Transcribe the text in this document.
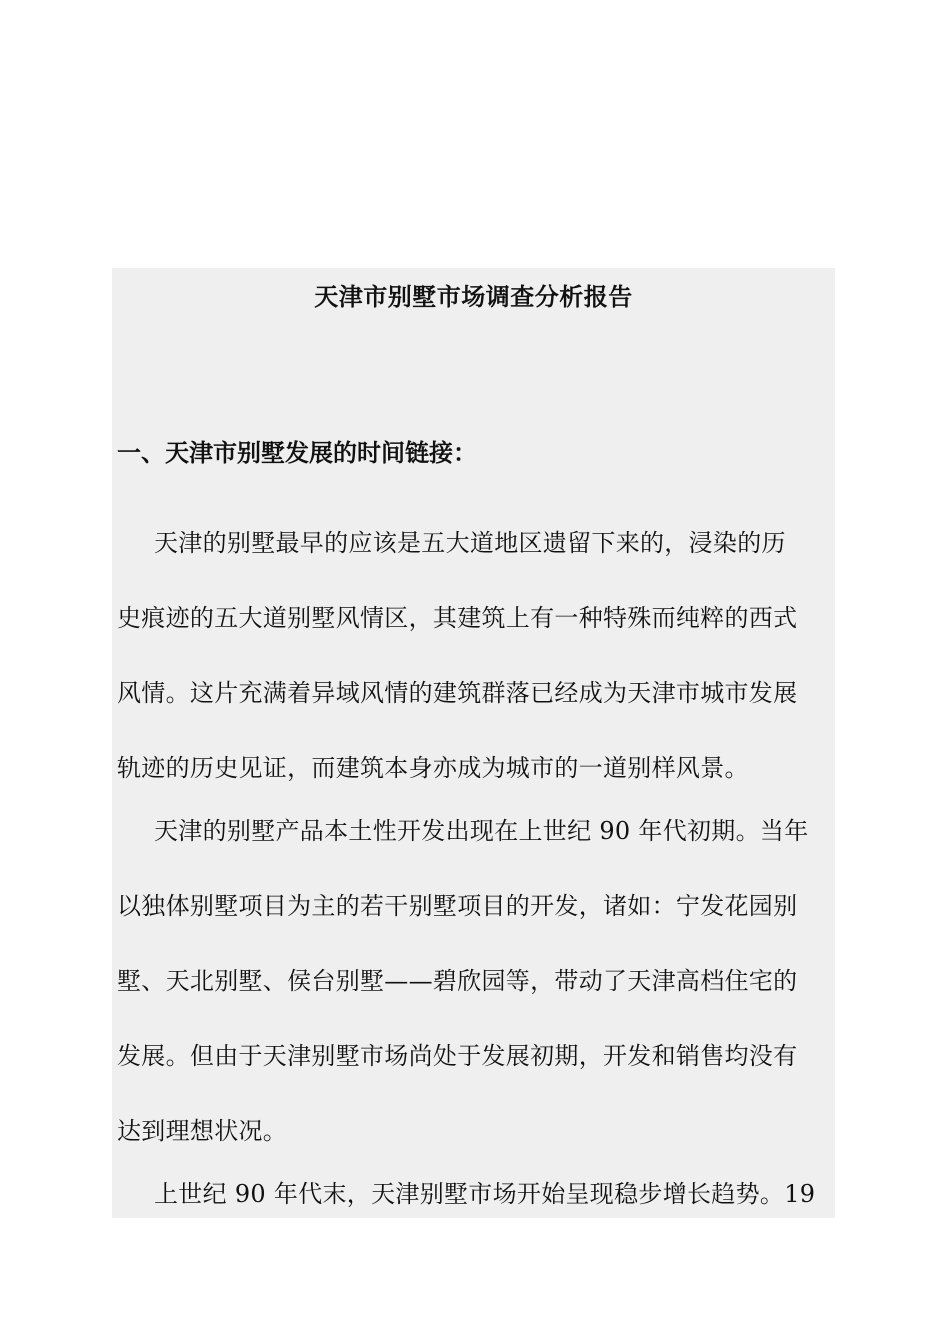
天津市别墅市场调查分析报告
一、天津市别墅发展的时间链接：
天津的别墅最早的应该是五大道地区遗留下来的，浸染的历
史痕迹的五大道别墅风情区，其建筑上有一种特殊而纯粹的西式
风情。这片充满着异域风情的建筑群落已经成为天津市城市发展
轨迹的历史见证，而建筑本身亦成为城市的一道别样风景。
天津的别墅产品本土性开发出现在上世纪 90 年代初期。当年
以独体别墅项目为主的若干别墅项目的开发，诸如：宁发花园别
墅、天北别墅、侯台别墅——碧欣园等，带动了天津高档住宅的
发展。但由于天津别墅市场尚处于发展初期，开发和销售均没有
达到理想状况。
上世纪 90 年代末，天津别墅市场开始呈现稳步增长趋势。19
